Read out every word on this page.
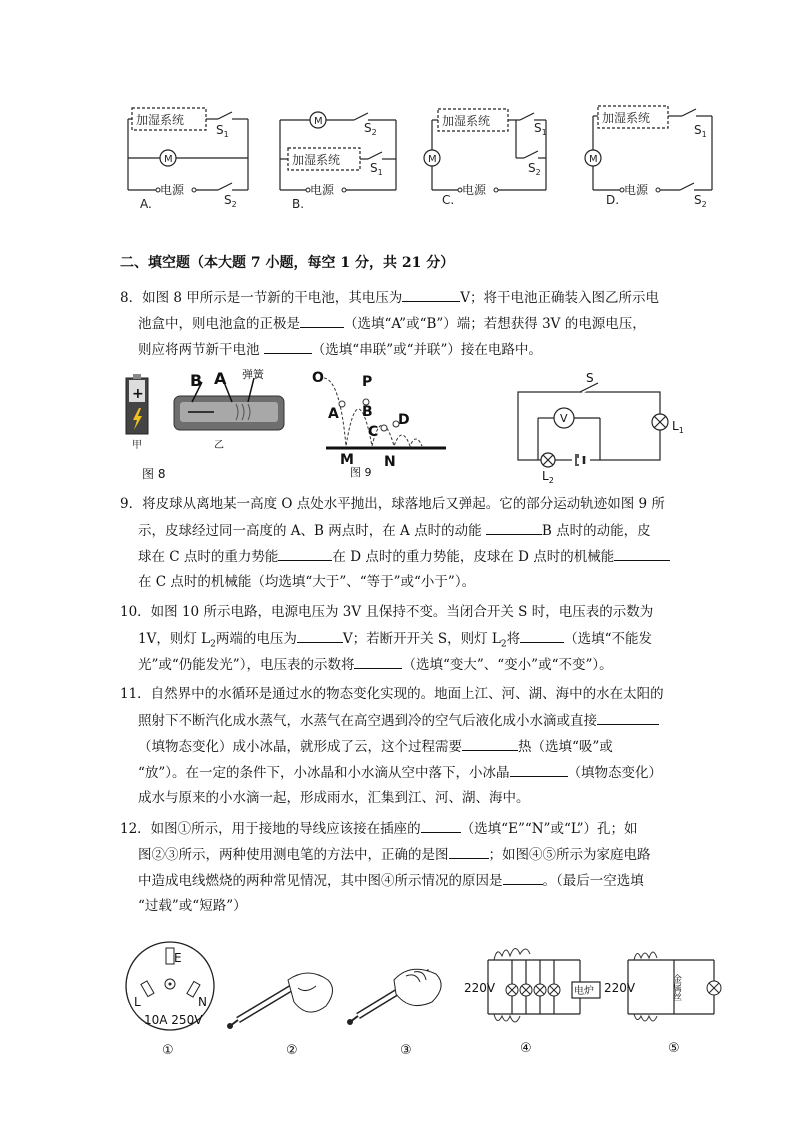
加湿系统
M
$S_1$
电源
$S_2$
A.
M	$S_2$
加湿系统
$S_1$
电源
B.
加湿系统	$S_1$
M
$S_2$
电源
C.
加湿系统
$S_1$
M
电源
$S_2$
D.
二、填空题（本大题 7 小题，每空 1 分，共 21 分）
8．如图 8 甲所示是一节新的干电池，其电压为	V；将干电池正确装入图乙所示电
池盒中，则电池盒的正极是	（选填“A”或“B”）端；若想获得 3V 的电源电压，
则应将两节新干电池	（选填“串联”或“并联”）接在电路中。
+
B A 弹簧
甲	乙
图 8
O	P
A B
C
D
M N
图 9
S
V
$L_1$
$L_2$
9．将皮球从离地某一高度 O 点处水平抛出，球落地后又弹起。它的部分运动轨迹如图 9 所
示，皮球经过同一高度的 A、B 两点时，在 A 点时的动能	B 点时的动能，皮
球在 C 点时的重力势能	在 D 点时的重力势能，皮球在 D 点时的机械能
在 C 点时的机械能（均选填“大于”、“等于”或“小于”）。
10．如图 10 所示电路，电源电压为 3V 且保持不变。当闭合开关 S 时，电压表的示数为
1V，则灯 $L_2$两端的电压为	V；若断开开关 S，则灯 $L_2$将	（选填“不能发
光”或“仍能发光”），电压表的示数将	（选填“变大”、“变小”或“不变”）。
11．自然界中的水循环是通过水的物态变化实现的。地面上江、河、湖、海中的水在太阳的
照射下不断汽化成水蒸气，水蒸气在高空遇到冷的空气后液化成小水滴或直接
（填物态变化）成小冰晶，就形成了云，这个过程需要	热（选填“吸”或
“放”）。在一定的条件下，小冰晶和小水滴从空中落下，小冰晶	（填物态变化）
成水与原来的小水滴一起，形成雨水，汇集到江、河、湖、海中。
12．如图①所示，用于接地的导线应该接在插座的	（选填“E”“N”或“L”）孔；如
图②③所示，两种使用测电笔的方法中，正确的是图	；如图④⑤所示为家庭电路
中造成电线燃烧的两种常见情况，其中图④所示情况的原因是	。（最后一空选填
“过载”或“短路”）
E
L	N
10A 250V
①	②	③
电炉
220V
④
金属丝
220V
⑤
